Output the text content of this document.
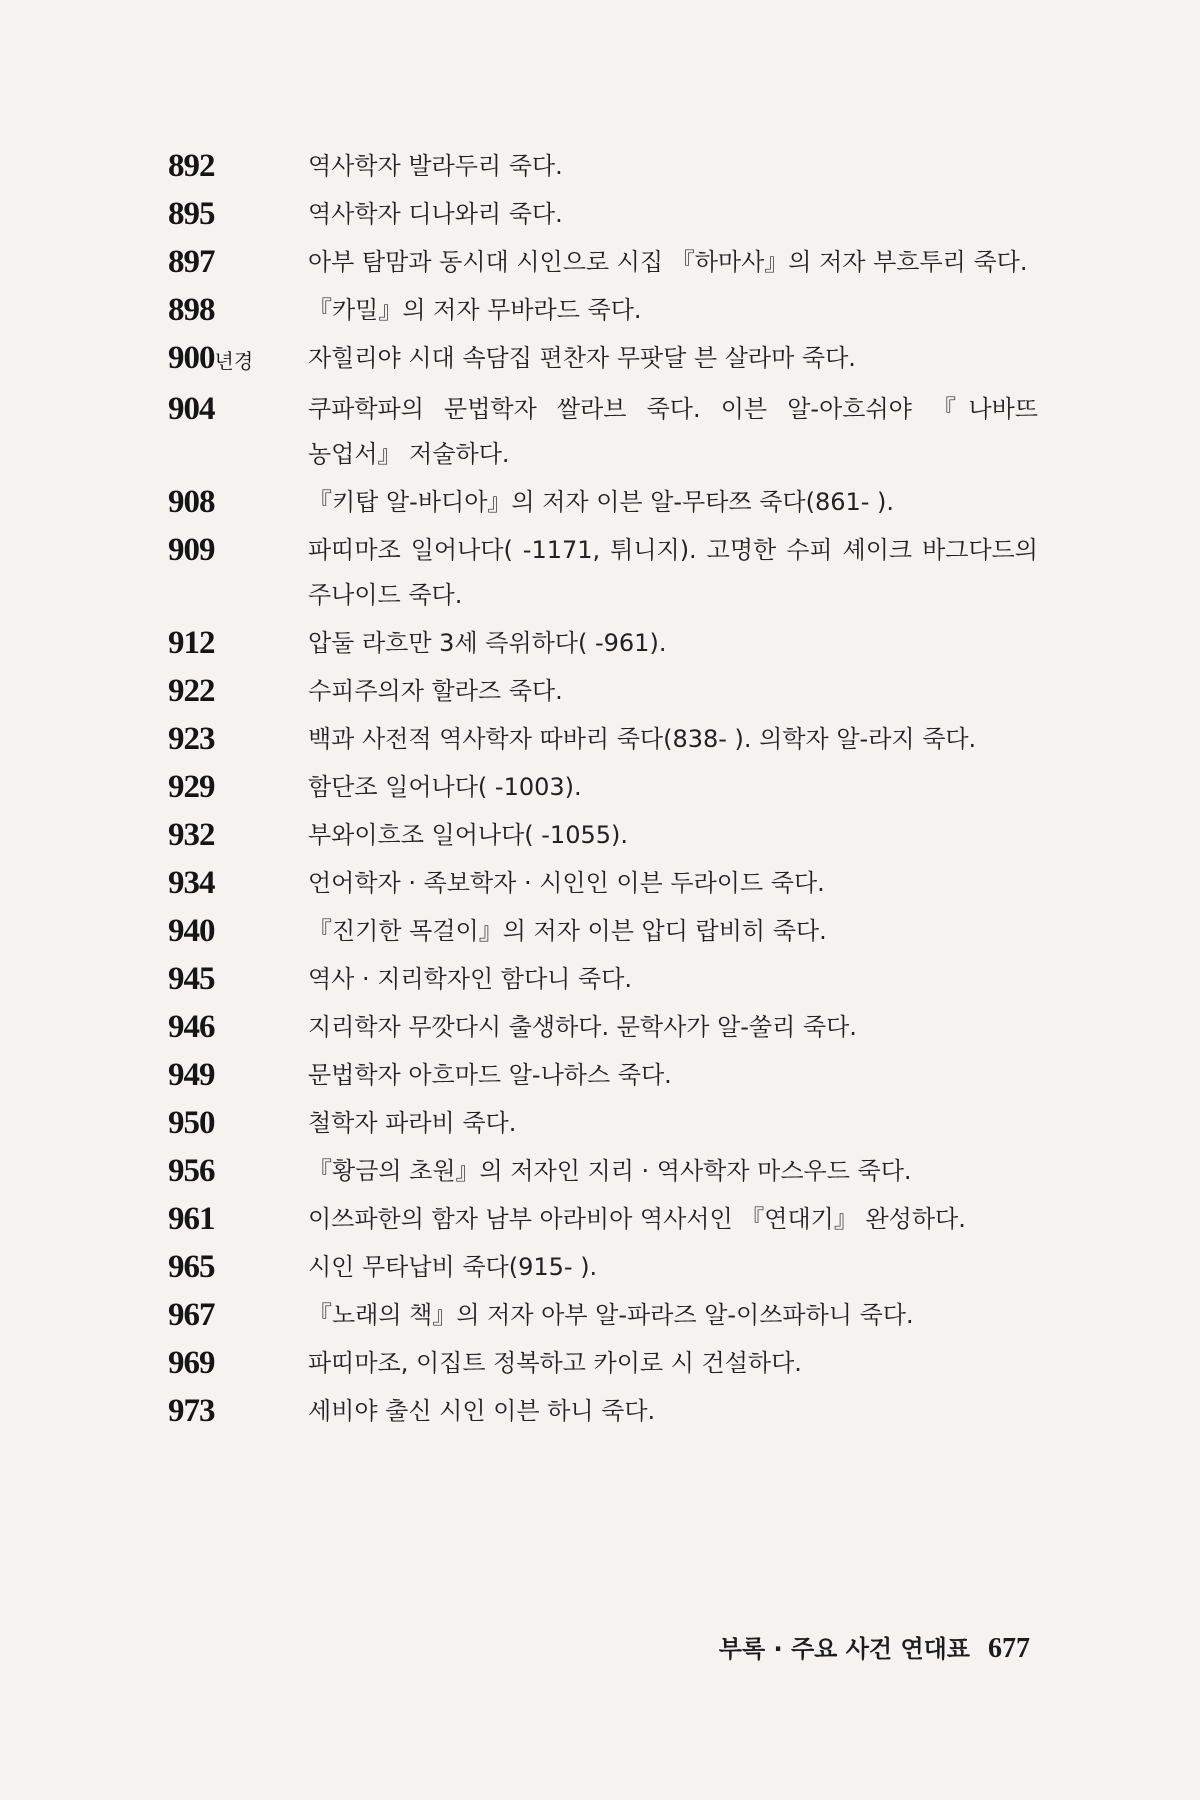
892	역사학자 발라두리 죽다.
895	역사학자 디나와리 죽다.
897	아부 탐맘과 동시대 시인으로 시집 『하마사』의 저자 부흐투리 죽다.
898	『카밀』의 저자 무바라드 죽다.
900년경	자힐리야 시대 속담집 편찬자 무팟달 븐 살라마 죽다.
904	쿠파학파의 문법학자 쌀라브 죽다. 이븐 알-아흐쉬야 『나바뜨 농업서』 저술하다.
908	『키탑 알-바디아』의 저자 이븐 알-무타쯔 죽다(861- ).
909	파띠마조 일어나다( -1171, 튀니지). 고명한 수피 셰이크 바그다드의 주나이드 죽다.
912	압둘 라흐만 3세 즉위하다( -961).
922	수피주의자 할라즈 죽다.
923	백과 사전적 역사학자 따바리 죽다(838- ). 의학자 알-라지 죽다.
929	함단조 일어나다( -1003).
932	부와이흐조 일어나다( -1055).
934	언어학자 · 족보학자 · 시인인 이븐 두라이드 죽다.
940	『진기한 목걸이』의 저자 이븐 압디 랍비히 죽다.
945	역사 · 지리학자인 함다니 죽다.
946	지리학자 무깟다시 출생하다. 문학사가 알-쑬리 죽다.
949	문법학자 아흐마드 알-나하스 죽다.
950	철학자 파라비 죽다.
956	『황금의 초원』의 저자인 지리 · 역사학자 마스우드 죽다.
961	이쓰파한의 함자 남부 아라비아 역사서인 『연대기』 완성하다.
965	시인 무타납비 죽다(915- ).
967	『노래의 책』의 저자 아부 알-파라즈 알-이쓰파하니 죽다.
969	파띠마조, 이집트 정복하고 카이로 시 건설하다.
973	세비야 출신 시인 이븐 하니 죽다.
부록 · 주요 사건 연대표 677
